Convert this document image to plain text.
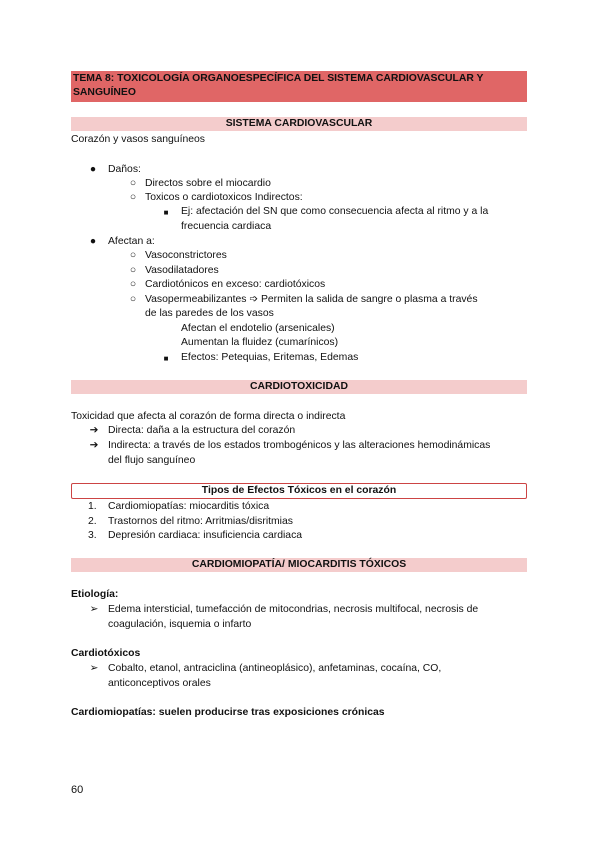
TEMA 8: TOXICOLOGÍA ORGANOESPECÍFICA DEL SISTEMA CARDIOVASCULAR Y SANGUÍNEO
SISTEMA CARDIOVASCULAR
Corazón y vasos sanguíneos
● Daños:
○ Directos sobre el miocardio
○ Toxicos o cardiotoxicos Indirectos:
■ Ej: afectación del SN que como consecuencia afecta al ritmo y a la
frecuencia cardiaca
● Afectan a:
○ Vasoconstrictores
○ Vasodilatadores
○ Cardiotónicos en exceso: cardiotóxicos
○ Vasopermeabilizantes ➩ Permiten la salida de sangre o plasma a través
de las paredes de los vasos
Afectan el endotelio (arsenicales)
Aumentan la fluidez (cumarínicos)
■ Efectos: Petequias, Eritemas, Edemas
CARDIOTOXICIDAD
Toxicidad que afecta al corazón de forma directa o indirecta
➔ Directa: daña a la estructura del corazón
➔ Indirecta: a través de los estados trombogénicos y las alteraciones hemodinámicas
del flujo sanguíneo
Tipos de Efectos Tóxicos en el corazón
1. Cardiomiopatías: miocarditis tóxica
2. Trastornos del ritmo: Arritmias/disritmias
3. Depresión cardiaca: insuficiencia cardiaca
CARDIOMIOPATÍA/ MIOCARDITIS TÓXICOS
Etiología:
➢ Edema intersticial, tumefacción de mitocondrias, necrosis multifocal, necrosis de
coagulación, isquemia o infarto
Cardiotóxicos
➢ Cobalto, etanol, antraciclina (antineoplásico), anfetaminas, cocaína, CO,
anticonceptivos orales
Cardiomiopatías: suelen producirse tras exposiciones crónicas
60
